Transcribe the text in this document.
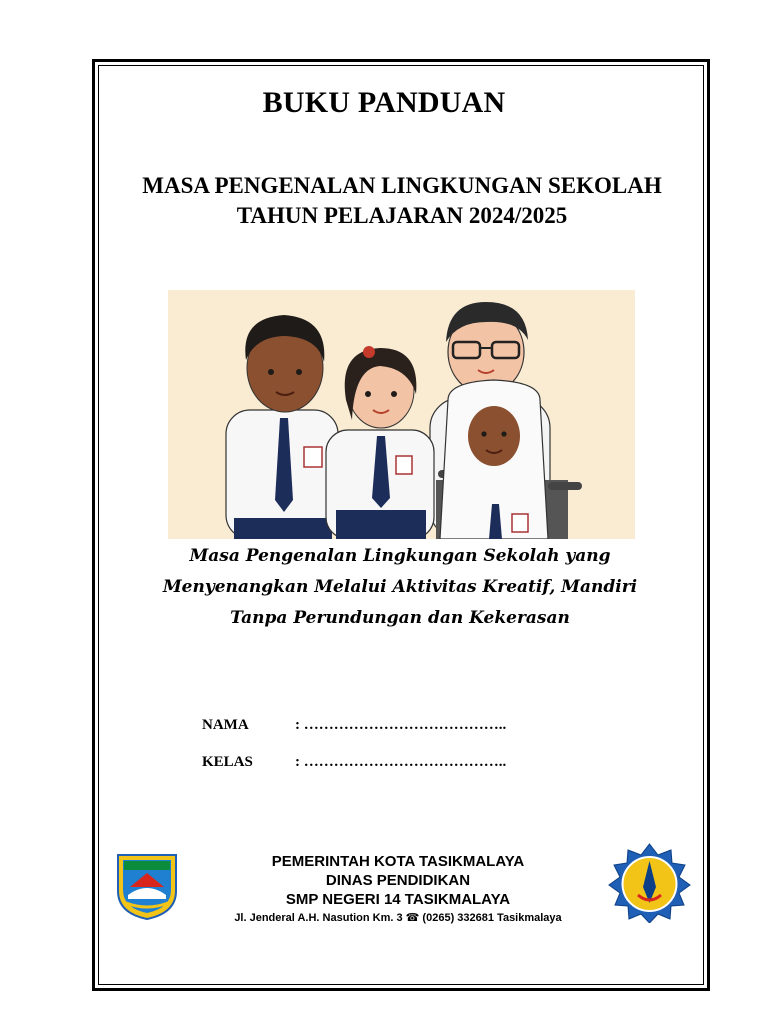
BUKU PANDUAN
MASA PENGENALAN LINGKUNGAN SEKOLAH
TAHUN PELAJARAN 2024/2025
Masa Pengenalan Lingkungan Sekolah yang
Menyenangkan Melalui Aktivitas Kreatif, Mandiri
Tanpa Perundungan dan Kekerasan
NAMA	: …………………………………..
KELAS	: …………………………………..
PEMERINTAH KOTA TASIKMALAYA
DINAS PENDIDIKAN
SMP NEGERI 14 TASIKMALAYA
Jl. Jenderal A.H. Nasution Km. 3 ☎ (0265) 332681 Tasikmalaya
